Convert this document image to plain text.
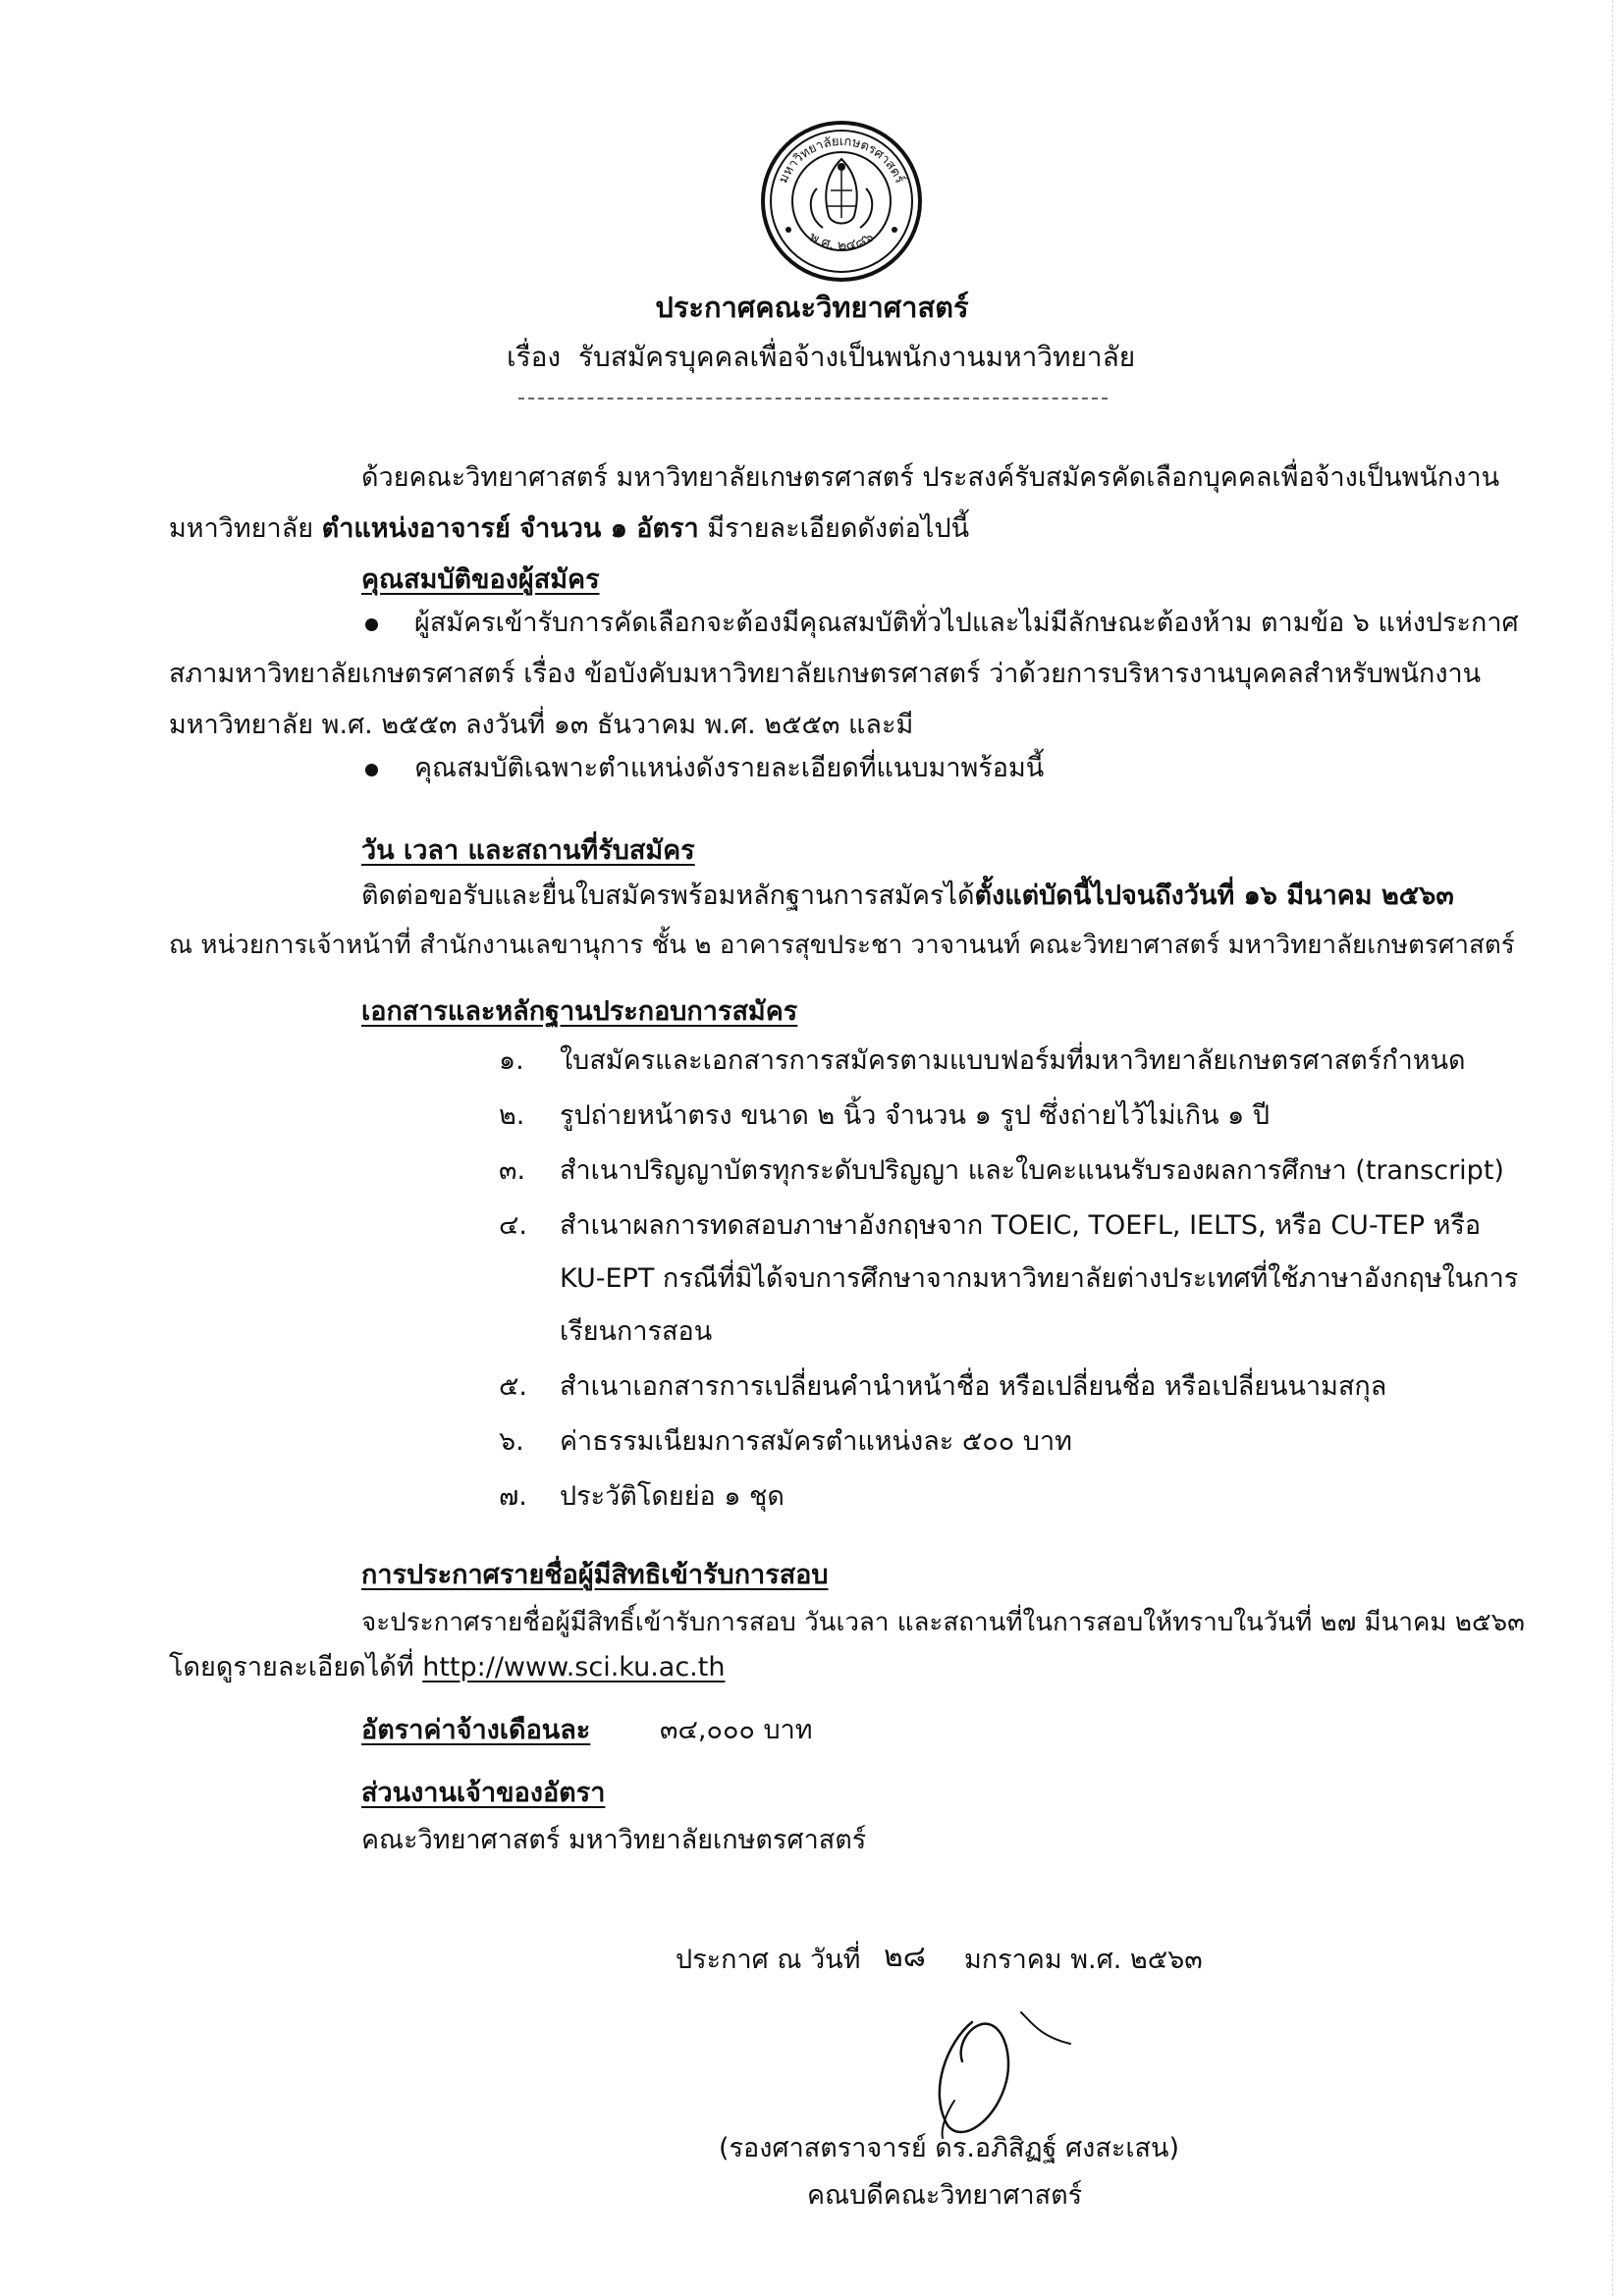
มหาวิทยาลัยเกษตรศาสตร์
พ.ศ. ๒๔๘๖
ประกาศคณะวิทยาศาสตร์
เรื่อง รับสมัครบุคคลเพื่อจ้างเป็นพนักงานมหาวิทยาลัย
ด้วยคณะวิทยาศาสตร์ มหาวิทยาลัยเกษตรศาสตร์ ประสงค์รับสมัครคัดเลือกบุคคลเพื่อจ้างเป็นพนักงาน
มหาวิทยาลัย ตำแหน่งอาจารย์ จำนวน ๑ อัตรา มีรายละเอียดดังต่อไปนี้
คุณสมบัติของผู้สมัคร
ผู้สมัครเข้ารับการคัดเลือกจะต้องมีคุณสมบัติทั่วไปและไม่มีลักษณะต้องห้าม ตามข้อ ๖ แห่งประกาศ
สภามหาวิทยาลัยเกษตรศาสตร์ เรื่อง ข้อบังคับมหาวิทยาลัยเกษตรศาสตร์ ว่าด้วยการบริหารงานบุคคลสำหรับพนักงาน
มหาวิทยาลัย พ.ศ. ๒๕๕๓ ลงวันที่ ๑๓ ธันวาคม พ.ศ. ๒๕๕๓ และมี
คุณสมบัติเฉพาะตำแหน่งดังรายละเอียดที่แนบมาพร้อมนี้
วัน เวลา และสถานที่รับสมัคร
ติดต่อขอรับและยื่นใบสมัครพร้อมหลักฐานการสมัครได้ตั้งแต่บัดนี้ไปจนถึงวันที่ ๑๖ มีนาคม ๒๕๖๓
ณ หน่วยการเจ้าหน้าที่ สำนักงานเลขานุการ ชั้น ๒ อาคารสุขประชา วาจานนท์ คณะวิทยาศาสตร์ มหาวิทยาลัยเกษตรศาสตร์
เอกสารและหลักฐานประกอบการสมัคร
๑. ใบสมัครและเอกสารการสมัครตามแบบฟอร์มที่มหาวิทยาลัยเกษตรศาสตร์กำหนด
๒. รูปถ่ายหน้าตรง ขนาด ๒ นิ้ว จำนวน ๑ รูป ซึ่งถ่ายไว้ไม่เกิน ๑ ปี
๓. สำเนาปริญญาบัตรทุกระดับปริญญา และใบคะแนนรับรองผลการศึกษา (transcript)
๔. สำเนาผลการทดสอบภาษาอังกฤษจาก TOEIC, TOEFL, IELTS, หรือ CU-TEP หรือ
KU-EPT กรณีที่มิได้จบการศึกษาจากมหาวิทยาลัยต่างประเทศที่ใช้ภาษาอังกฤษในการ
เรียนการสอน
๕. สำเนาเอกสารการเปลี่ยนคำนำหน้าชื่อ หรือเปลี่ยนชื่อ หรือเปลี่ยนนามสกุล
๖. ค่าธรรมเนียมการสมัครตำแหน่งละ ๕๐๐ บาท
๗. ประวัติโดยย่อ ๑ ชุด
การประกาศรายชื่อผู้มีสิทธิเข้ารับการสอบ
จะประกาศรายชื่อผู้มีสิทธิ์เข้ารับการสอบ วันเวลา และสถานที่ในการสอบให้ทราบในวันที่ ๒๗ มีนาคม ๒๕๖๓
โดยดูรายละเอียดได้ที่ http://www.sci.ku.ac.th
อัตราค่าจ้างเดือนละ	๓๔,๐๐๐ บาท
ส่วนงานเจ้าของอัตรา
คณะวิทยาศาสตร์ มหาวิทยาลัยเกษตรศาสตร์
ประกาศ ณ วันที่ ๒๘ มกราคม พ.ศ. ๒๕๖๓
(รองศาสตราจารย์ ดร.อภิสิฏฐ์ ศงสะเสน)
คณบดีคณะวิทยาศาสตร์
